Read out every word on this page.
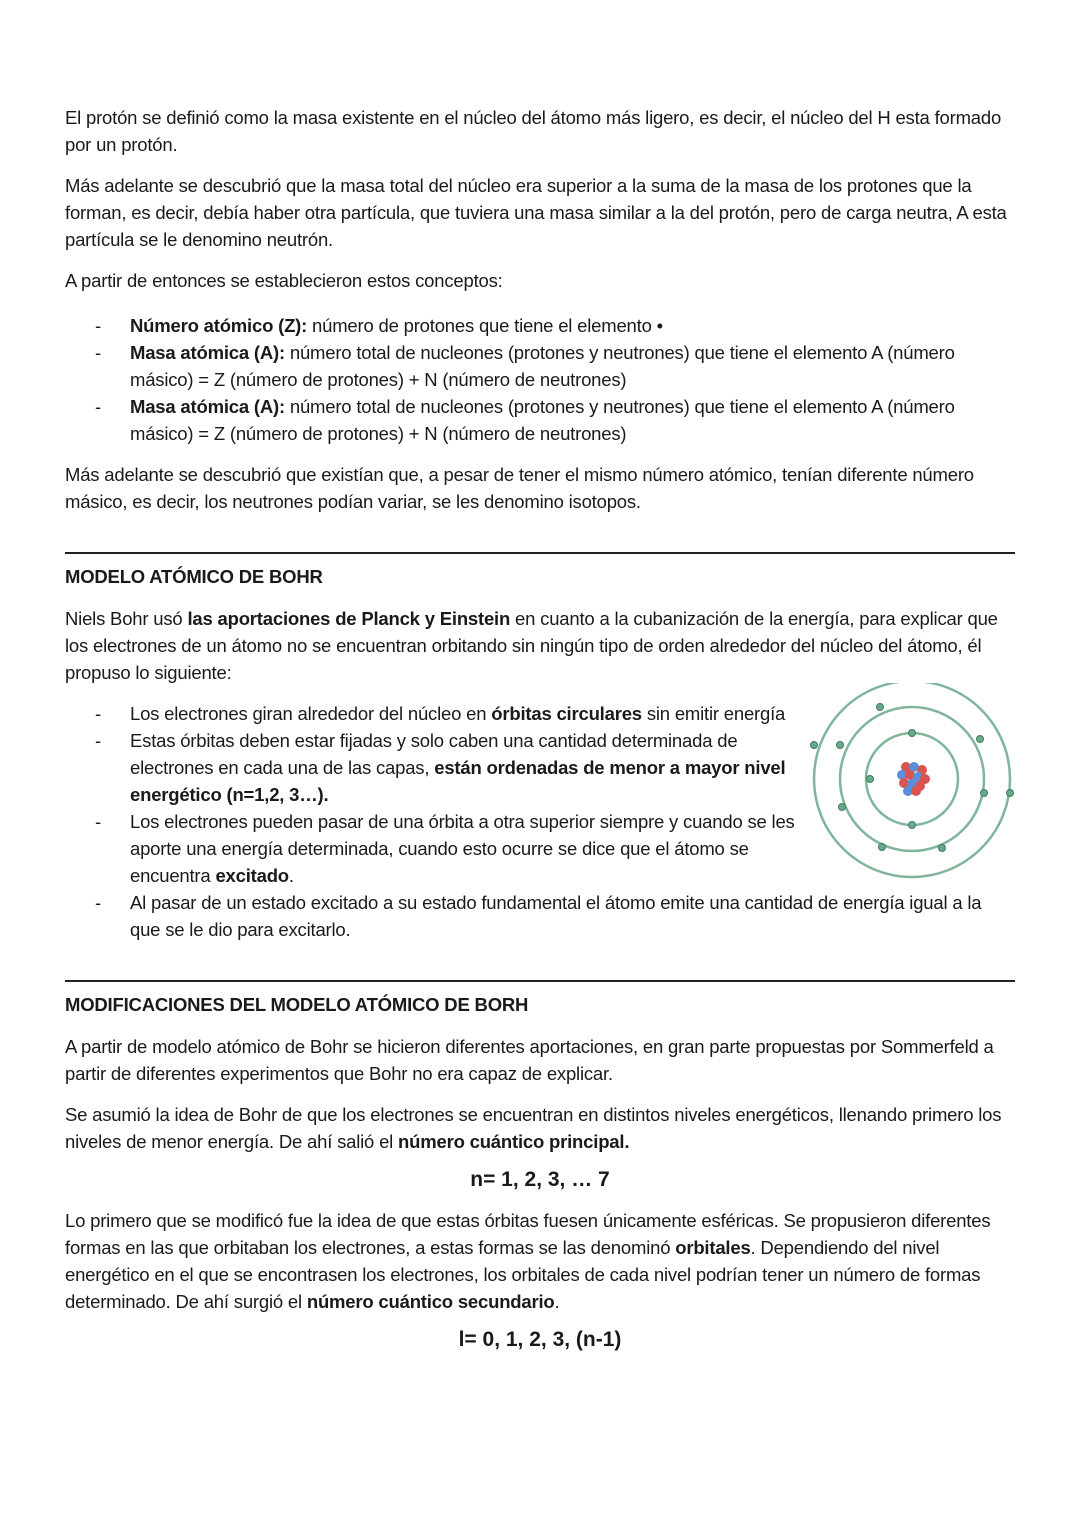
El protón se definió como la masa existente en el núcleo del átomo más ligero, es decir, el núcleo del H esta formado por un protón.

Más adelante se descubrió que la masa total del núcleo era superior a la suma de la masa de los protones que la forman, es decir, debía haber otra partícula, que tuviera una masa similar a la del protón, pero de carga neutra, A esta partícula se le denomino neutrón.

A partir de entonces se establecieron estos conceptos:

- Número atómico (Z): número de protones que tiene el elemento •
- Masa atómica (A): número total de nucleones (protones y neutrones) que tiene el elemento A (número másico) = Z (número de protones) + N (número de neutrones)
- Masa atómica (A): número total de nucleones (protones y neutrones) que tiene el elemento A (número másico) = Z (número de protones) + N (número de neutrones)

Más adelante se descubrió que existían que, a pesar de tener el mismo número atómico, tenían diferente número másico, es decir, los neutrones podían variar, se les denomino isotopos.

MODELO ATÓMICO DE BOHR

Niels Bohr usó las aportaciones de Planck y Einstein en cuanto a la cubanización de la energía, para explicar que los electrones de un átomo no se encuentran orbitando sin ningún tipo de orden alrededor del núcleo del átomo, él propuso lo siguiente:

- Los electrones giran alrededor del núcleo en órbitas circulares sin emitir energía
- Estas órbitas deben estar fijadas y solo caben una cantidad determinada de electrones en cada una de las capas, están ordenadas de menor a mayor nivel energético (n=1,2, 3…).
- Los electrones pueden pasar de una órbita a otra superior siempre y cuando se les aporte una energía determinada, cuando esto ocurre se dice que el átomo se encuentra excitado.
- Al pasar de un estado excitado a su estado fundamental el átomo emite una cantidad de energía igual a la que se le dio para excitarlo.
MODIFICACIONES DEL MODELO ATÓMICO DE BORH

A partir de modelo atómico de Bohr se hicieron diferentes aportaciones, en gran parte propuestas por Sommerfeld a partir de diferentes experimentos que Bohr no era capaz de explicar.

Se asumió la idea de Bohr de que los electrones se encuentran en distintos niveles energéticos, llenando primero los niveles de menor energía. De ahí salió el número cuántico principal.

n= 1, 2, 3, … 7

Lo primero que se modificó fue la idea de que estas órbitas fuesen únicamente esféricas. Se propusieron diferentes formas en las que orbitaban los electrones, a estas formas se las denominó orbitales. Dependiendo del nivel energético en el que se encontrasen los electrones, los orbitales de cada nivel podrían tener un número de formas determinado. De ahí surgió el número cuántico secundario.

l= 0, 1, 2, 3, (n-1)
